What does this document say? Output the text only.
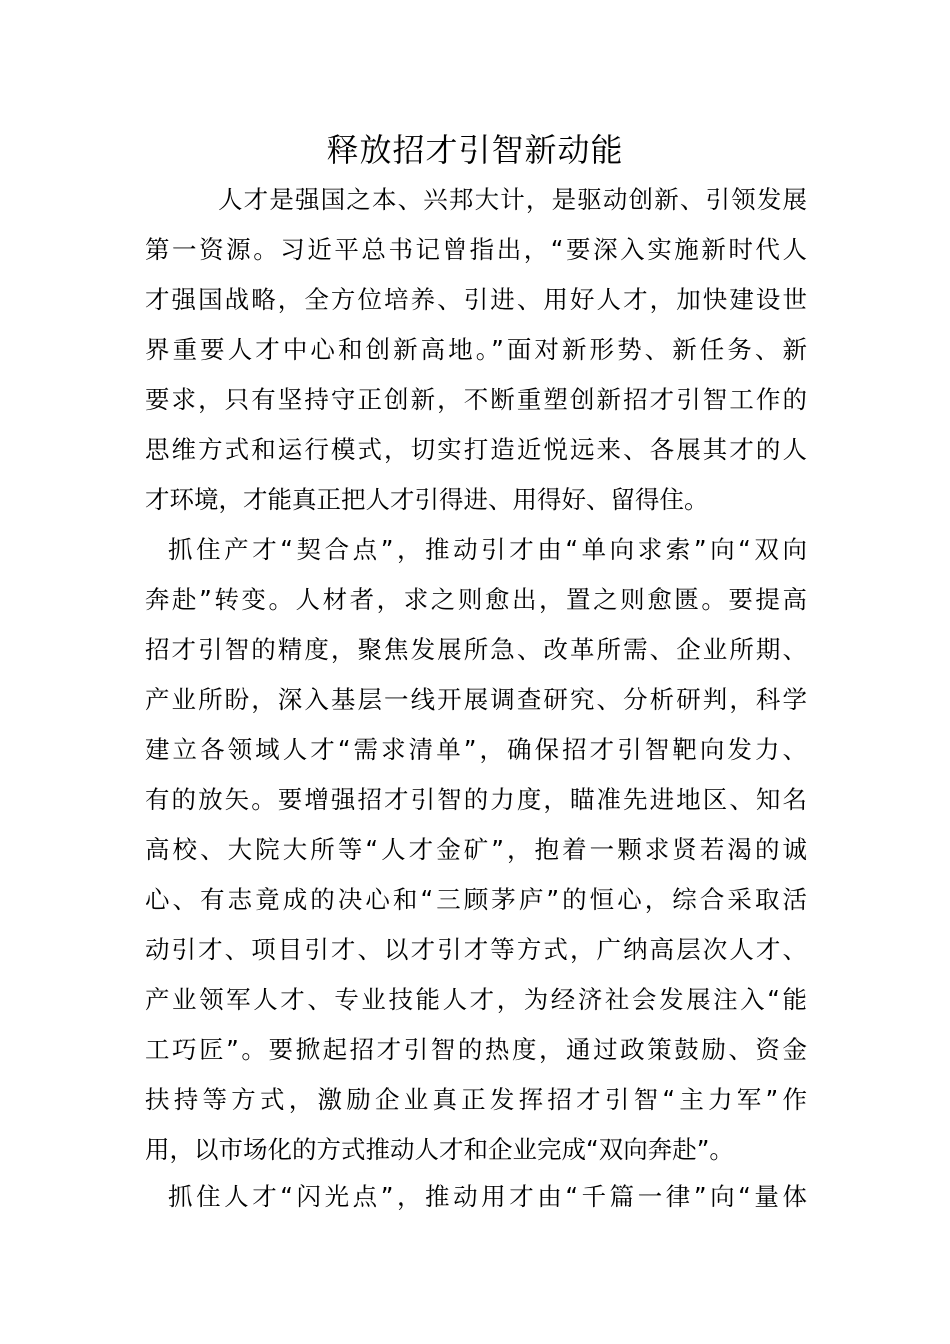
释放招才引智新动能

人才是强国之本、兴邦大计，是驱动创新、引领发展

第一资源。习近平总书记曾指出，“要深入实施新时代人

才强国战略，全方位培养、引进、用好人才，加快建设世

界重要人才中心和创新高地。”面对新形势、新任务、新

要求，只有坚持守正创新，不断重塑创新招才引智工作的

思维方式和运行模式，切实打造近悦远来、各展其才的人

才环境，才能真正把人才引得进、用得好、留得住。

抓住产才“契合点”，推动引才由“单向求索”向“双向

奔赴”转变。人材者，求之则愈出，置之则愈匮。要提高

招才引智的精度，聚焦发展所急、改革所需、企业所期、

产业所盼，深入基层一线开展调查研究、分析研判，科学

建立各领域人才“需求清单”，确保招才引智靶向发力、

有的放矢。要增强招才引智的力度，瞄准先进地区、知名

高校、大院大所等“人才金矿”，抱着一颗求贤若渴的诚

心、有志竟成的决心和“三顾茅庐”的恒心，综合采取活

动引才、项目引才、以才引才等方式，广纳高层次人才、

产业领军人才、专业技能人才，为经济社会发展注入“能

工巧匠”。要掀起招才引智的热度，通过政策鼓励、资金

扶持等方式，激励企业真正发挥招才引智“主力军”作

用，以市场化的方式推动人才和企业完成“双向奔赴”。

抓住人才“闪光点”，推动用才由“千篇一律”向“量体
